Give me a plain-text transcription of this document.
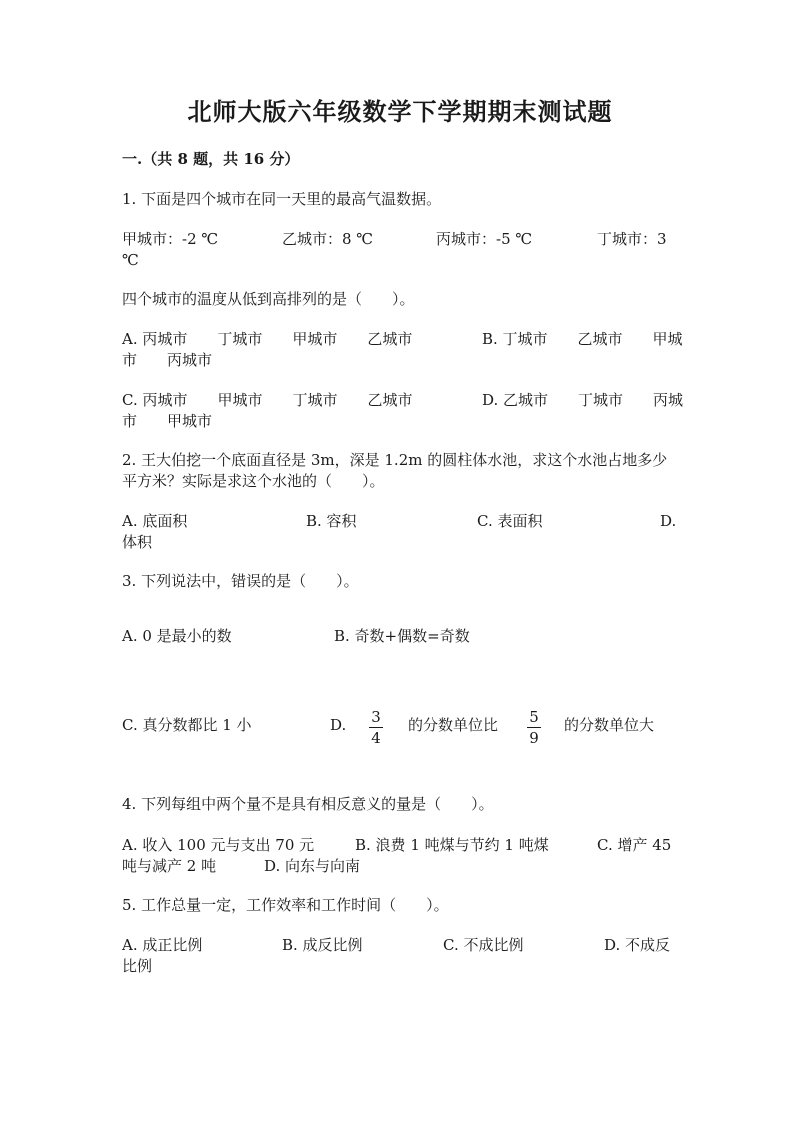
北师大版六年级数学下学期期末测试题
一.（共 8 题，共 16 分）
1. 下面是四个城市在同一天里的最高气温数据。
甲城市：-2 ℃	乙城市：8 ℃	丙城市：-5 ℃	丁城市：3
℃
四个城市的温度从低到高排列的是（　　）。
A. 丙城市　　丁城市　　甲城市　　乙城市	B. 丁城市　　乙城市　　甲城
市　　丙城市
C. 丙城市　　甲城市　　丁城市　　乙城市	D. 乙城市　　丁城市　　丙城
市　　甲城市
2. 王大伯挖一个底面直径是 3m，深是 1.2m 的圆柱体水池，求这个水池占地多少
平方米？实际是求这个水池的（　　）。
A. 底面积	B. 容积	C. 表面积	D.
体积
3. 下列说法中，错误的是（　　）。
A. 0 是最小的数	B. 奇数+偶数=奇数
C. 真分数都比 1 小	D. 3
4
的分数单位比 5
9
的分数单位大
4. 下列每组中两个量不是具有相反意义的量是（　　）。
A. 收入 100 元与支出 70 元	B. 浪费 1 吨煤与节约 1 吨煤	C. 增产 45
吨与减产 2 吨	D. 向东与向南
5. 工作总量一定，工作效率和工作时间（　　）。
A. 成正比例	B. 成反比例	C. 不成比例	D. 不成反
比例
